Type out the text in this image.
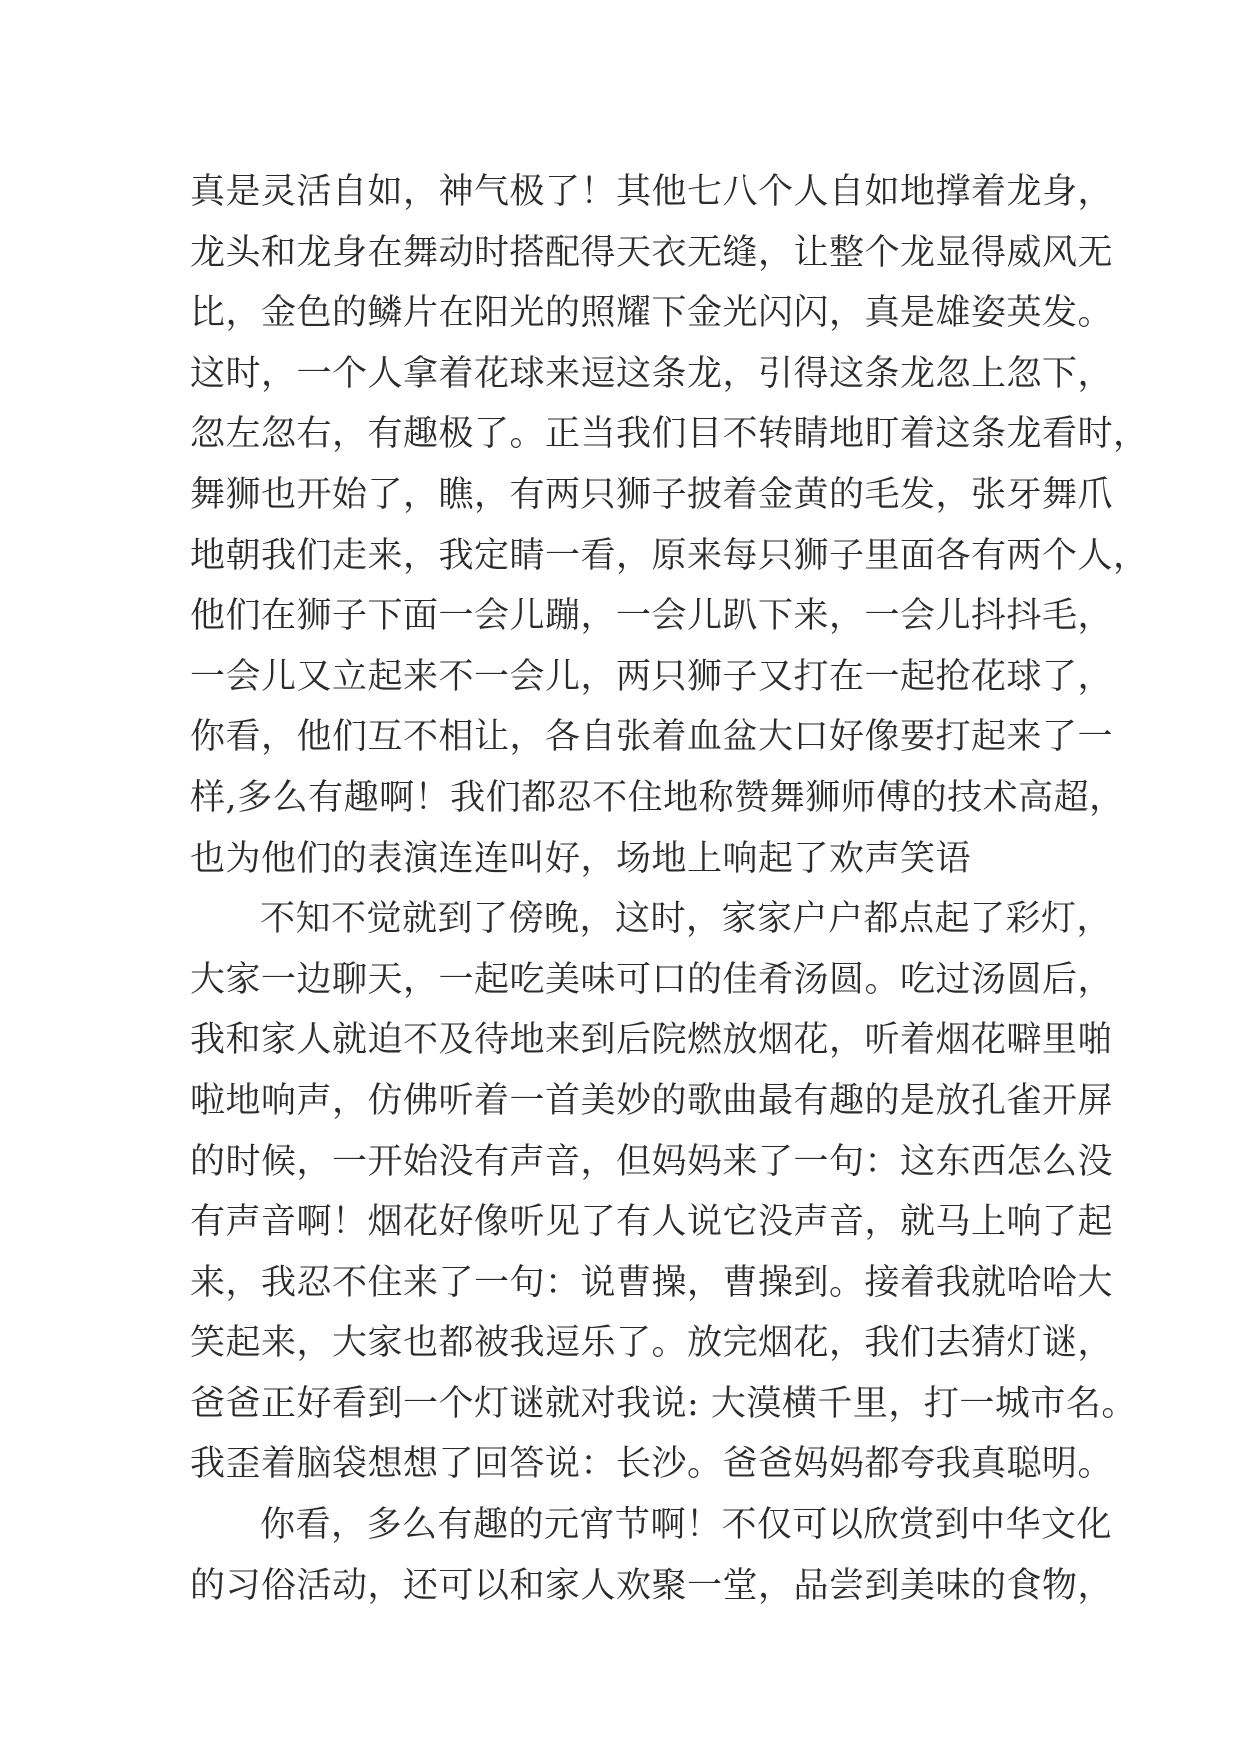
真是灵活自如，神气极了！其他七八个人自如地撑着龙身，
龙头和龙身在舞动时搭配得天衣无缝，让整个龙显得威风无
比，金色的鳞片在阳光的照耀下金光闪闪，真是雄姿英发。
这时，一个人拿着花球来逗这条龙，引得这条龙忽上忽下，
忽左忽右，有趣极了。正当我们目不转睛地盯着这条龙看时，
舞狮也开始了，瞧，有两只狮子披着金黄的毛发，张牙舞爪
地朝我们走来，我定睛一看，原来每只狮子里面各有两个人，
他们在狮子下面一会儿蹦，一会儿趴下来，一会儿抖抖毛，
一会儿又立起来不一会儿，两只狮子又打在一起抢花球了，
你看，他们互不相让，各自张着血盆大口好像要打起来了一
样,多么有趣啊！我们都忍不住地称赞舞狮师傅的技术高超，
也为他们的表演连连叫好，场地上响起了欢声笑语
不知不觉就到了傍晚，这时，家家户户都点起了彩灯，
大家一边聊天，一起吃美味可口的佳肴汤圆。吃过汤圆后，
我和家人就迫不及待地来到后院燃放烟花，听着烟花噼里啪
啦地响声，仿佛听着一首美妙的歌曲最有趣的是放孔雀开屏
的时候，一开始没有声音，但妈妈来了一句：这东西怎么没
有声音啊！烟花好像听见了有人说它没声音，就马上响了起
来，我忍不住来了一句：说曹操，曹操到。接着我就哈哈大
笑起来，大家也都被我逗乐了。放完烟花，我们去猜灯谜，
爸爸正好看到一个灯谜就对我说: 大漠横千里，打一城市名。
我歪着脑袋想想了回答说：长沙。爸爸妈妈都夸我真聪明。
你看，多么有趣的元宵节啊！不仅可以欣赏到中华文化
的习俗活动，还可以和家人欢聚一堂，品尝到美味的食物，
